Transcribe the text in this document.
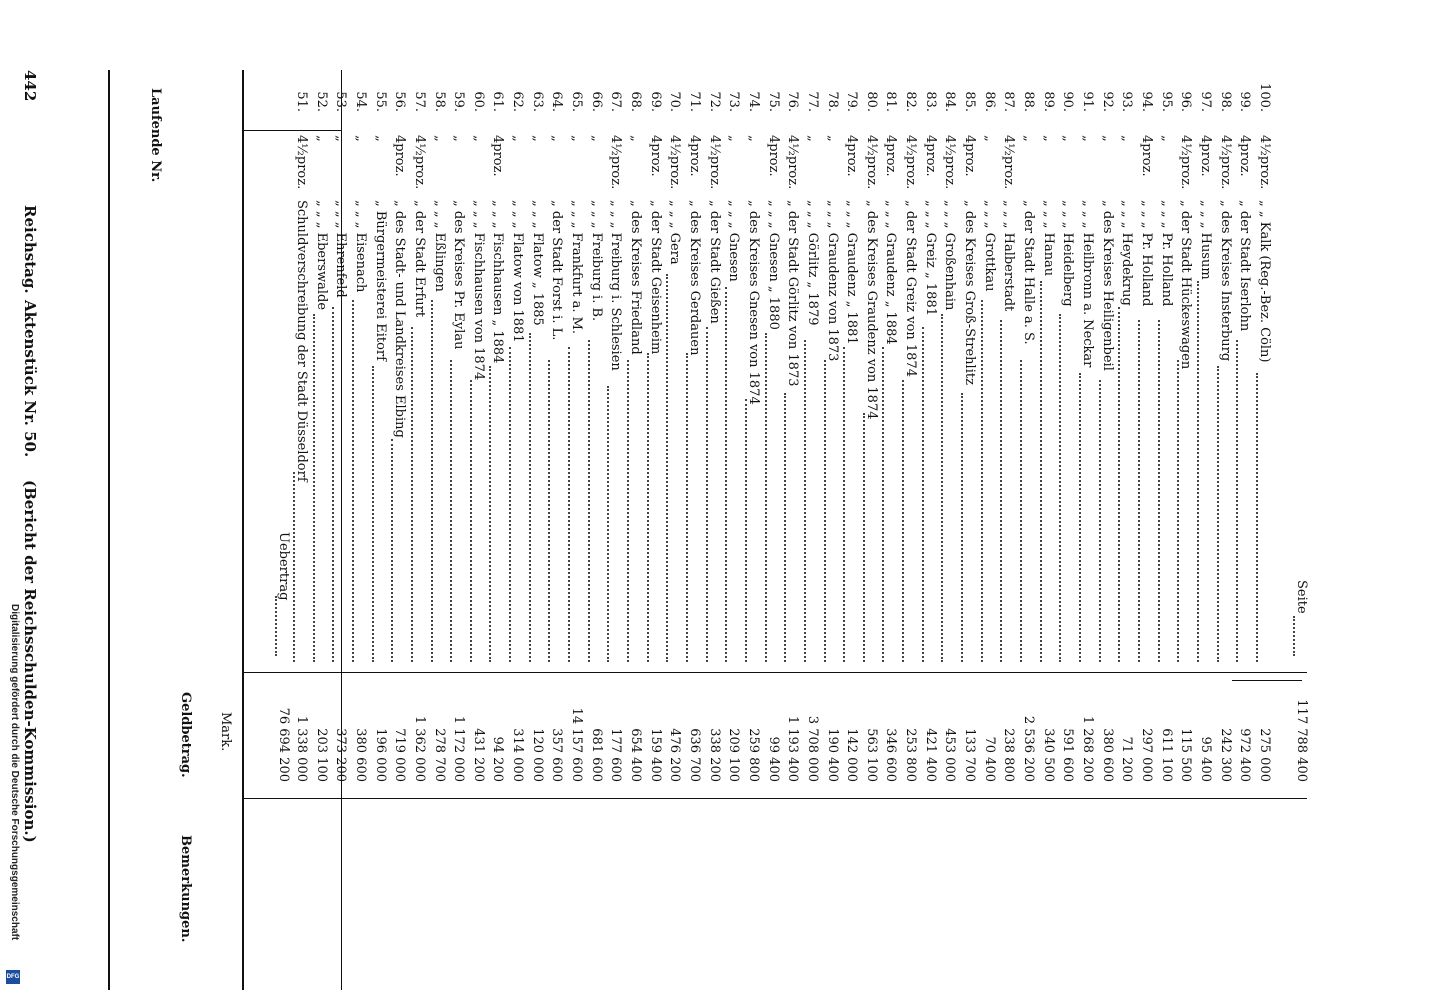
442
Reichstag.
Aktenstück Nr. 50.
(Bericht der Reichsschulden-Kommission.)
Laufende Nr.
Geldbetrag. Mark.
Bemerkungen.
Uebertrag
76 694 200
51.
4½proz.
Schuldverschreibung der Stadt Düsseldorf
1 338 000
52.
„
„ „ „ Eberswalde
203 100
53.
„
„ „ „ Ehrenfeld
373 200
54.
„
„ „ „ Eisenach
380 600
55.
„
„ Bürgermeisterei Eitorf
196 000
56.
4proz.
„ des Stadt- und Landkreises Elbing
719 000
57.
4½proz.
„ der Stadt Erfurt
1 362 000
58.
„
„ „ „ Eßlingen
278 700
59.
„
„ des Kreises Pr. Eylau
1 172 000
60.
„
„ „ „ Fischhausen von 1874
431 200
61.
4proz.
„ „ „ Fischhausen „ 1884
94 200
62.
„
„ „ „ Flatow von 1881
314 000
63.
„
„ „ „ Flatow „ 1885
120 000
64.
„
„ der Stadt Forst i. L.
357 600
65.
„
„ „ „ Frankfurt a. M.
14 157 600
66.
„
„ „ „ Freiburg i. B.
681 600
67.
4½proz.
„ „ „ Freiburg i. Schlesien
177 600
68.
„
„ des Kreises Friedland
654 400
69.
4proz.
„ der Stadt Geisenheim
159 400
70.
4½proz.
„ „ „ Gera
476 200
71.
4proz.
„ des Kreises Gerdauen
636 700
72.
4½proz.
„ der Stadt Gießen
338 200
73.
„
„ „ „ Gnesen
209 100
74.
„
„ des Kreises Gnesen von 1874
259 800
75.
4proz.
„ „ „ Gnesen „ 1880
99 400
76.
4½proz.
„ der Stadt Görlitz von 1873
1 193 400
77.
„
„ „ „ Görlitz „ 1879
3 708 000
78.
„
„ „ „ Graudenz von 1873
190 400
79.
4proz.
„ „ „ Graudenz „ 1881
142 000
80.
4½proz.
„ des Kreises Graudenz von 1874
563 100
81.
4proz.
„ „ „ Graudenz „ 1884
346 600
82.
4½proz.
„ der Stadt Greiz von 1874
253 800
83.
4proz.
„ „ „ Greiz „ 1881
421 400
84.
4½proz.
„ „ „ Großenhain
453 000
85.
4proz.
„ des Kreises Groß-Strehlitz
133 700
86.
„
„ „ „ Grottkau
70 400
87.
4½proz.
„ „ „ Halberstadt
238 800
88.
„
„ der Stadt Halle a. S.
2 536 200
89.
„
„ „ „ Hanau
340 500
90.
„
„ „ „ Heidelberg
591 600
91.
„
„ „ „ Heilbronn a. Neckar
1 268 200
92.
„
„ des Kreises Heiligenbeil
380 600
93.
„
„ „ „ Heydekrug
71 200
94.
4proz.
„ „ „ Pr. Holland
297 000
95.
„
„ „ „ Pr. Holland
611 100
96.
4½proz.
„ der Stadt Hückeswagen
115 500
97.
4proz.
„ „ „ Husum
95 400
98.
4½proz.
„ des Kreises Insterburg
242 300
99.
4proz.
„ der Stadt Iserlohn
972 400
100.
4½proz.
„ „ Kalk (Reg.-Bez. Cöln)
275 000
Seite
117 788 400
Digitalisierung gefördert durch die Deutsche Forschungsgemeinschaft
DFG
